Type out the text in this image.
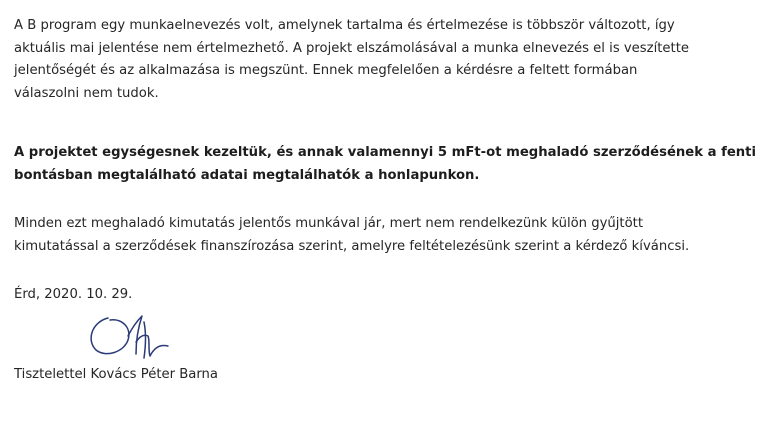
A B program egy munkaelnevezés volt, amelynek tartalma és értelmezése is többször változott, így
aktuális mai jelentése nem értelmezhető. A projekt elszámolásával a munka elnevezés el is veszítette
jelentőségét és az alkalmazása is megszünt. Ennek megfelelően a kérdésre a feltett formában
válaszolni nem tudok.

A projektet egységesnek kezeltük, és annak valamennyi 5 mFt-ot meghaladó szerződésének a fenti
bontásban megtalálható adatai megtalálhatók a honlapunkon.

Minden ezt meghaladó kimutatás jelentős munkával jár, mert nem rendelkezünk külön gyűjtött
kimutatással a szerződések finanszírozása szerint, amelyre feltételezésünk szerint a kérdező kíváncsi.

Érd, 2020. 10. 29.

Tisztelettel Kovács Péter Barna
